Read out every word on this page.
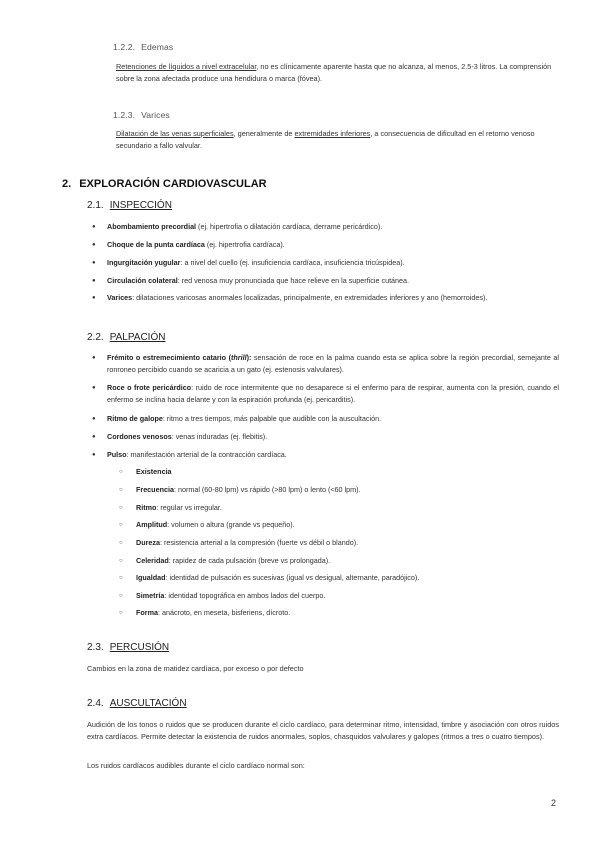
1.2.2. Edemas
Retenciones de líquidos a nivel extracelular, no es clínicamente aparente hasta que no alcanza, al menos, 2.5-3 litros. La comprensión sobre la zona afectada produce una hendidura o marca (fóvea).
1.2.3. Varices
Dilatación de las venas superficiales, generalmente de extremidades inferiores, a consecuencia de dificultad en el retorno venoso secundario a fallo valvular.
2. EXPLORACIÓN CARDIOVASCULAR
2.1. INSPECCIÓN
● Abombamiento precordial (ej. hipertrofia o dilatación cardíaca, derrame pericárdico).
● Choque de la punta cardíaca (ej. hipertrofia cardíaca).
● Ingurgitación yugular: a nivel del cuello (ej. insuficiencia cardíaca, insuficiencia tricúspidea).
● Circulación colateral: red venosa muy pronunciada que hace relieve en la superficie cutánea.
● Varices: dilataciones varicosas anormales localizadas, principalmente, en extremidades inferiores y ano (hemorroides).
2.2. PALPACIÓN
● Frémito o estremecimiento catario (thrill): sensación de roce en la palma cuando esta se aplica sobre la región precordial, semejante al ronroneo percibido cuando se acaricia a un gato (ej. estenosis valvulares).
● Roce o frote pericárdico: ruido de roce intermitente que no desaparece si el enfermo para de respirar, aumenta con la presión, cuando el enfermo se inclina hacia delante y con la espiración profunda (ej. pericarditis).
● Ritmo de galope: ritmo a tres tiempos, más palpable que audible con la auscultación.
● Cordones venosos: venas induradas (ej. flebitis).
● Pulso: manifestación arterial de la contracción cardíaca.
○ Existencia
○ Frecuencia: normal (60-80 lpm) vs rápido (>80 lpm) o lento (<60 lpm).
○ Ritmo: regular vs irregular.
○ Amplitud: volumen o altura (grande vs pequeño).
○ Dureza: resistencia arterial a la compresión (fuerte vs débil o blando).
○ Celeridad: rapidez de cada pulsación (breve vs prolongada).
○ Igualdad: identidad de pulsación es sucesivas (igual vs desigual, alternante, paradójico).
○ Simetría: identidad topográfica en ambos lados del cuerpo.
○ Forma: anácroto, en meseta, bisferiens, dícroto.
2.3. PERCUSIÓN
Cambios en la zona de matidez cardíaca, por exceso o por defecto
2.4. AUSCULTACIÓN
Audición de los tonos o ruidos que se producen durante el ciclo cardíaco, para determinar ritmo, intensidad, timbre y asociación con otros ruidos extra cardíacos. Permite detectar la existencia de ruidos anormales, soplos, chasquidos valvulares y galopes (ritmos a tres o cuatro tiempos).
Los ruidos cardíacos audibles durante el ciclo cardíaco normal son:
2
